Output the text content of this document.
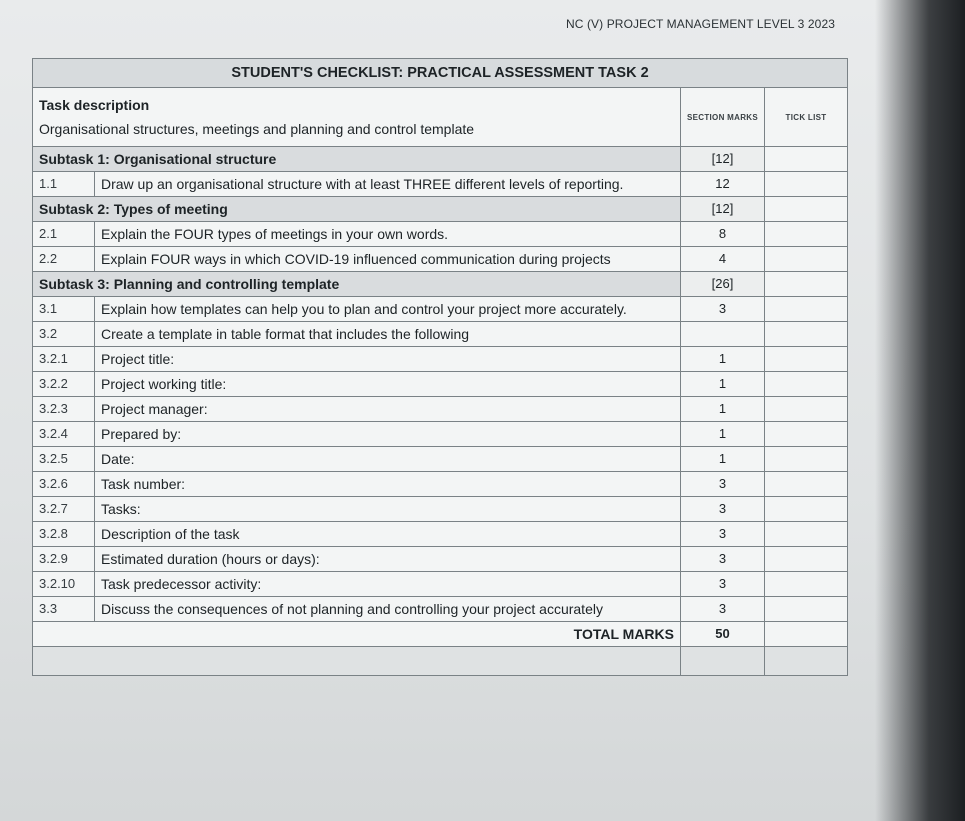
NC (V) PROJECT MANAGEMENT LEVEL 3 2023
STUDENT'S CHECKLIST: PRACTICAL ASSESSMENT TASK 2			

Task description
Organisational structures, meetings and planning and control template		SECTION MARKS	TICK LIST

Subtask 1: Organisational structure		[12]	
1.1	Draw up an organisational structure with at least THREE different levels of reporting.	12	
Subtask 2: Types of meeting		[12]	
2.1	Explain the FOUR types of meetings in your own words.	8	
2.2	Explain FOUR ways in which COVID-19 influenced communication during projects	4	
Subtask 3: Planning and controlling template		[26]	
3.1	Explain how templates can help you to plan and control your project more accurately.	3	
3.2	Create a template in table format that includes the following		
3.2.1	Project title:	1	
3.2.2	Project working title:	1	
3.2.3	Project manager:	1	
3.2.4	Prepared by:	1	
3.2.5	Date:	1	
3.2.6	Task number:	3	
3.2.7	Tasks:	3	
3.2.8	Description of the task	3	
3.2.9	Estimated duration (hours or days):	3	
3.2.10	Task predecessor activity:	3	
3.3	Discuss the consequences of not planning and controlling your project accurately	3	
TOTAL MARKS		50	
